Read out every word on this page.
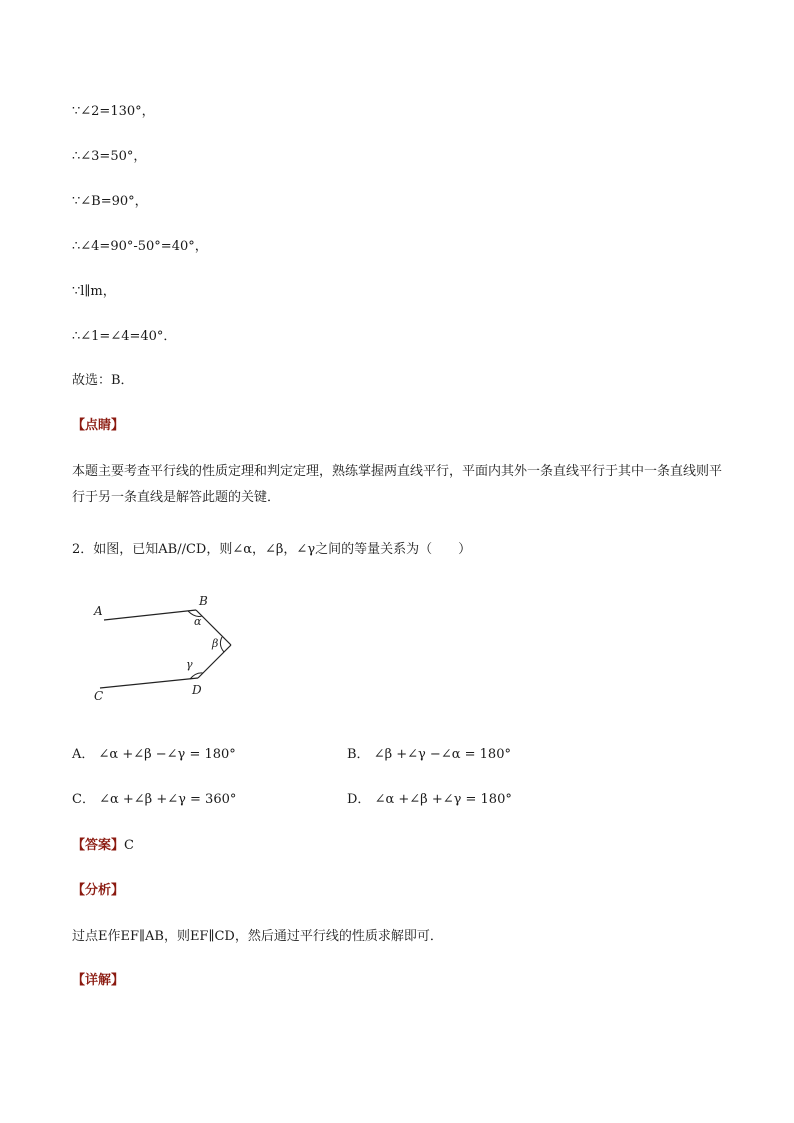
∵∠2=130°，
∴∠3=50°，
∵∠B=90°，
∴∠4=90°-50°=40°，
∵l∥m，
∴∠1=∠4=40°．
故选：B．
【点睛】
本题主要考查平行线的性质定理和判定定理，熟练掌握两直线平行，平面内其外一条直线平行于其中一条直线则平行于另一条直线是解答此题的关键．
2．如图，已知AB//CD，则∠α，∠β，∠γ之间的等量关系为（　　）
A
B
C	D
α
β
γ
A． ∠α +∠β −∠γ = 180°	B． ∠β +∠γ −∠α = 180°
C． ∠α +∠β +∠γ = 360°	D． ∠α +∠β +∠γ = 180°
【答案】C
【分析】
过点E作EF∥AB，则EF∥CD，然后通过平行线的性质求解即可．
【详解】
